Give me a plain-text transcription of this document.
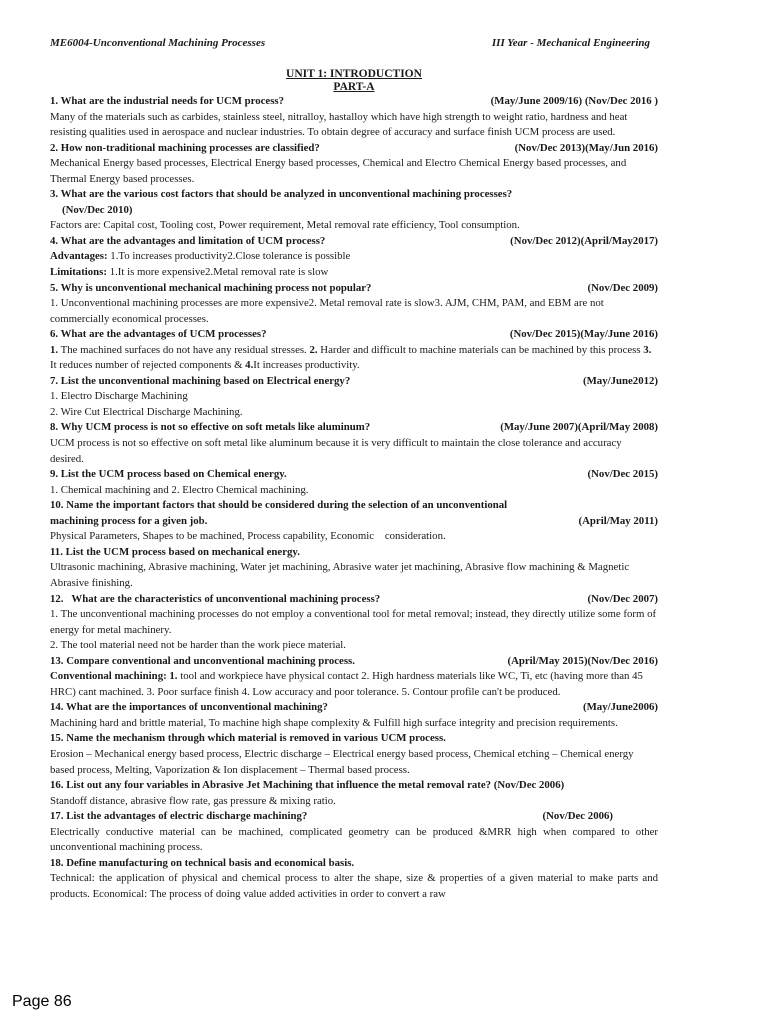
ME6004-Unconventional Machining Processes	III Year - Mechanical Engineering
UNIT 1: INTRODUCTION
PART-A
1. What are the industrial needs for UCM process?	(May/June 2009/16) (Nov/Dec 2016 )
Many of the materials such as carbides, stainless steel, nitralloy, hastalloy which have high strength to weight ratio, hardness and heat resisting qualities used in aerospace and nuclear industries. To obtain degree of accuracy and surface finish UCM process are used.
2. How non-traditional machining processes are classified?	(Nov/Dec 2013)(May/Jun 2016)
Mechanical Energy based processes, Electrical Energy based processes, Chemical and Electro Chemical Energy based processes, and Thermal Energy based processes.
3. What are the various cost factors that should be analyzed in unconventional machining processes?
(Nov/Dec 2010)
Factors are: Capital cost, Tooling cost, Power requirement, Metal removal rate efficiency, Tool consumption.
4. What are the advantages and limitation of UCM process?	(Nov/Dec 2012)(April/May2017)
Advantages: 1.To increases productivity2.Close tolerance is possible
Limitations: 1.It is more expensive2.Metal removal rate is slow
5. Why is unconventional mechanical machining process not popular?	(Nov/Dec 2009)
1. Unconventional machining processes are more expensive2. Metal removal rate is slow3. AJM, CHM, PAM, and EBM are not commercially economical processes.
6. What are the advantages of UCM processes?	(Nov/Dec 2015)(May/June 2016)
1. The machined surfaces do not have any residual stresses. 2. Harder and difficult to machine materials can be machined by this process 3. It reduces number of rejected components & 4.It increases productivity.
7. List the unconventional machining based on Electrical energy?	(May/June2012)
1. Electro Discharge Machining
2. Wire Cut Electrical Discharge Machining.
8. Why UCM process is not so effective on soft metals like aluminum?	(May/June 2007)(April/May 2008)
UCM process is not so effective on soft metal like aluminum because it is very difficult to maintain the close tolerance and accuracy desired.
9. List the UCM process based on Chemical energy.	(Nov/Dec 2015)
1. Chemical machining and 2. Electro Chemical machining.
10. Name the important factors that should be considered during the selection of an unconventional
machining process for a given job.	(April/May 2011)
Physical Parameters, Shapes to be machined, Process capability, Economic    consideration.
11. List the UCM process based on mechanical energy.
Ultrasonic machining, Abrasive machining, Water jet machining, Abrasive water jet machining, Abrasive flow machining & Magnetic Abrasive finishing.
12.   What are the characteristics of unconventional machining process?	(Nov/Dec 2007)
1. The unconventional machining processes do not employ a conventional tool for metal removal; instead, they directly utilize some form of energy for metal machinery.
2. The tool material need not be harder than the work piece material.
13. Compare conventional and unconventional machining process.	(April/May 2015)(Nov/Dec 2016)
Conventional machining: 1. tool and workpiece have physical contact 2. High hardness materials like WC, Ti, etc (having more than 45 HRC) cant machined. 3. Poor surface finish 4. Low accuracy and poor tolerance. 5. Contour profile can't be produced.
14. What are the importances of unconventional machining?	(May/June2006)
Machining hard and brittle material, To machine high shape complexity & Fulfill high surface integrity and precision requirements.
15. Name the mechanism through which material is removed in various UCM process.
Erosion – Mechanical energy based process, Electric discharge – Electrical energy based process, Chemical etching – Chemical energy based process, Melting, Vaporization & Ion displacement – Thermal based process.
16. List out any four variables in Abrasive Jet Machining that influence the metal removal rate? (Nov/Dec 2006)
Standoff distance, abrasive flow rate, gas pressure & mixing ratio.
17. List the advantages of electric discharge machining?	(Nov/Dec 2006)
Electrically conductive material can be machined, complicated geometry can be produced &MRR high when compared to other unconventional machining process.
18. Define manufacturing on technical basis and economical basis.
Technical: the application of physical and chemical process to alter the shape, size & properties of a given material to make parts and products. Economical: The process of doing value added activities in order to convert a raw
Page 86
